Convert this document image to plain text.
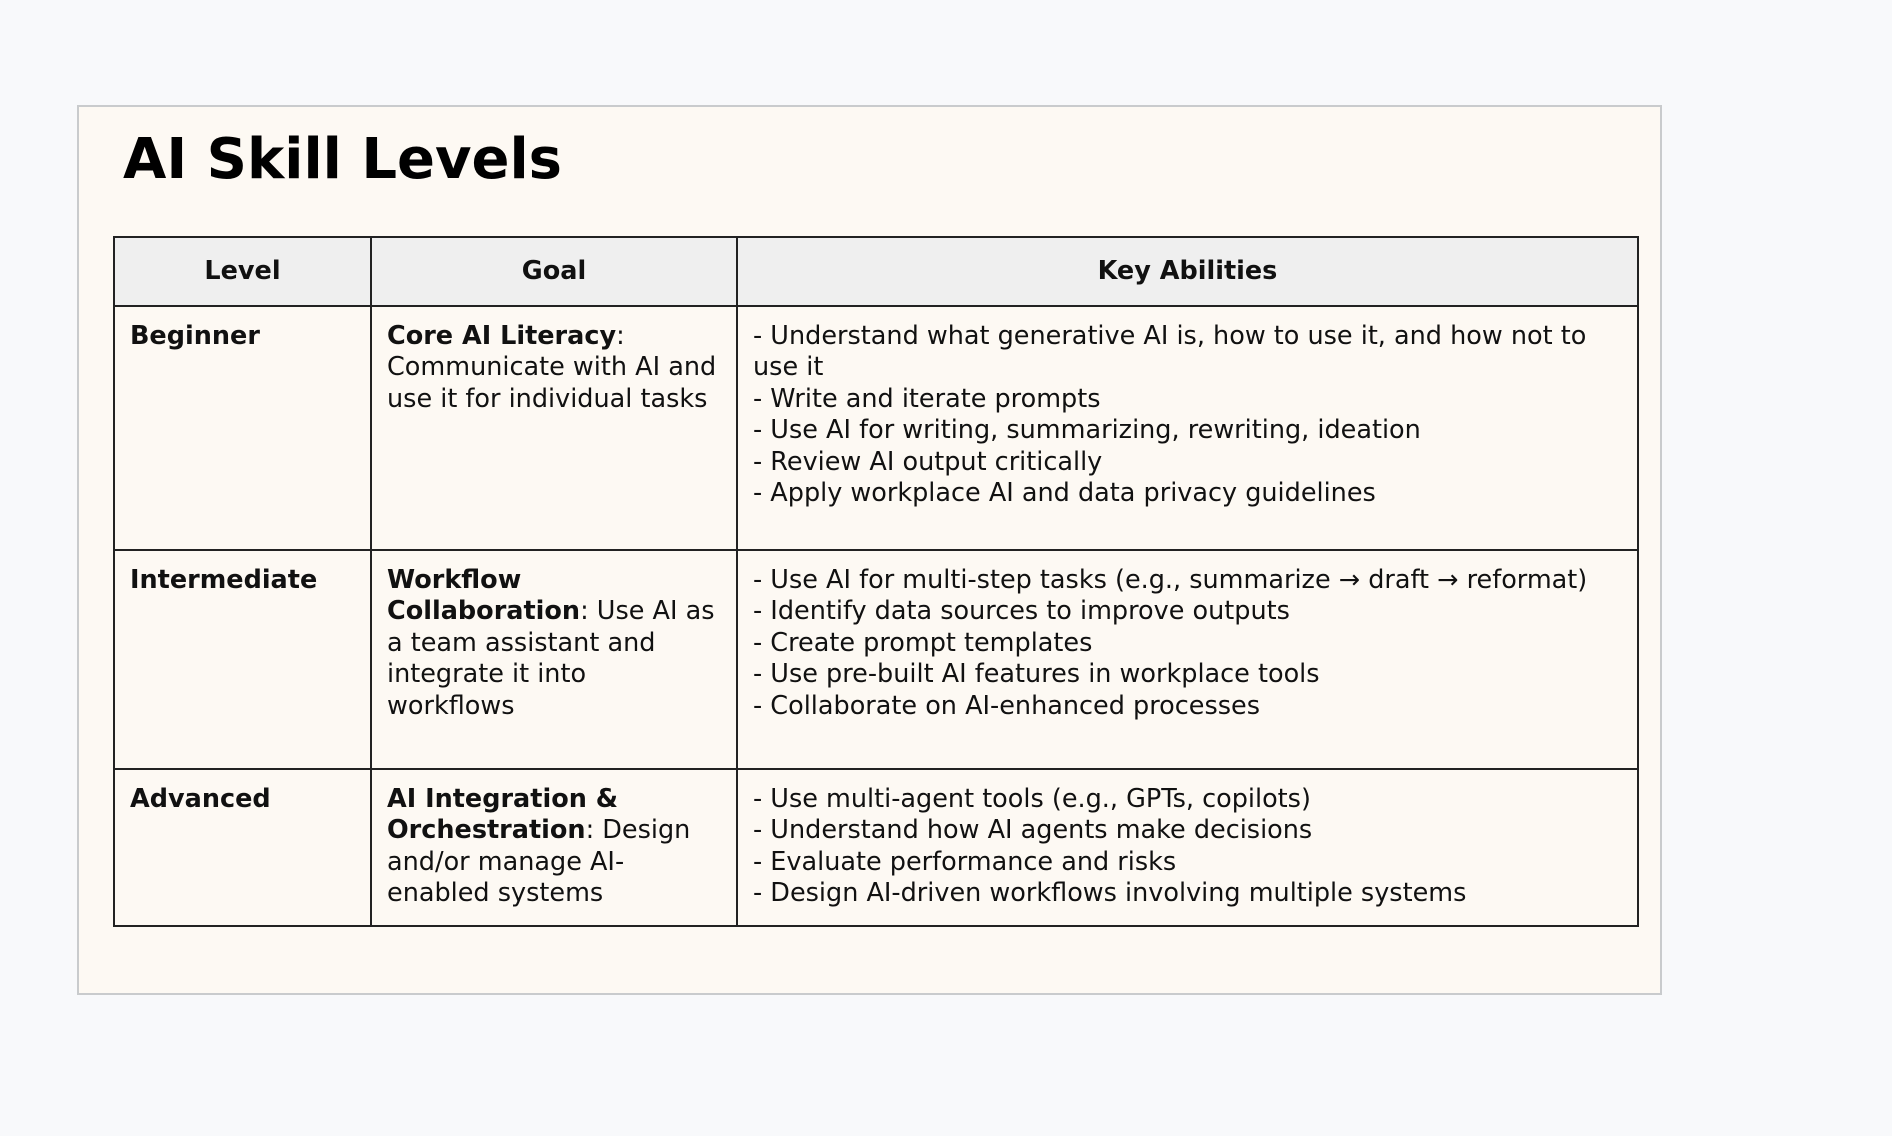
AI Skill Levels
Level	Goal	Key Abilities
Beginner	Core AI Literacy: Communicate with AI and use it for individual tasks	- Understand what generative AI is, how to use it, and how not to use it
- Write and iterate prompts
- Use AI for writing, summarizing, rewriting, ideation
- Review AI output critically
- Apply workplace AI and data privacy guidelines

Intermediate	Workflow Collaboration: Use AI as a team assistant and integrate it into workflows	- Use AI for multi-step tasks (e.g., summarize → draft → reformat)
- Identify data sources to improve outputs
- Create prompt templates
- Use pre-built AI features in workplace tools
- Collaborate on AI-enhanced processes

Advanced	AI Integration & Orchestration: Design and/or manage AI-enabled systems	- Use multi-agent tools (e.g., GPTs, copilots)
- Understand how AI agents make decisions
- Evaluate performance and risks
- Design AI-driven workflows involving multiple systems
